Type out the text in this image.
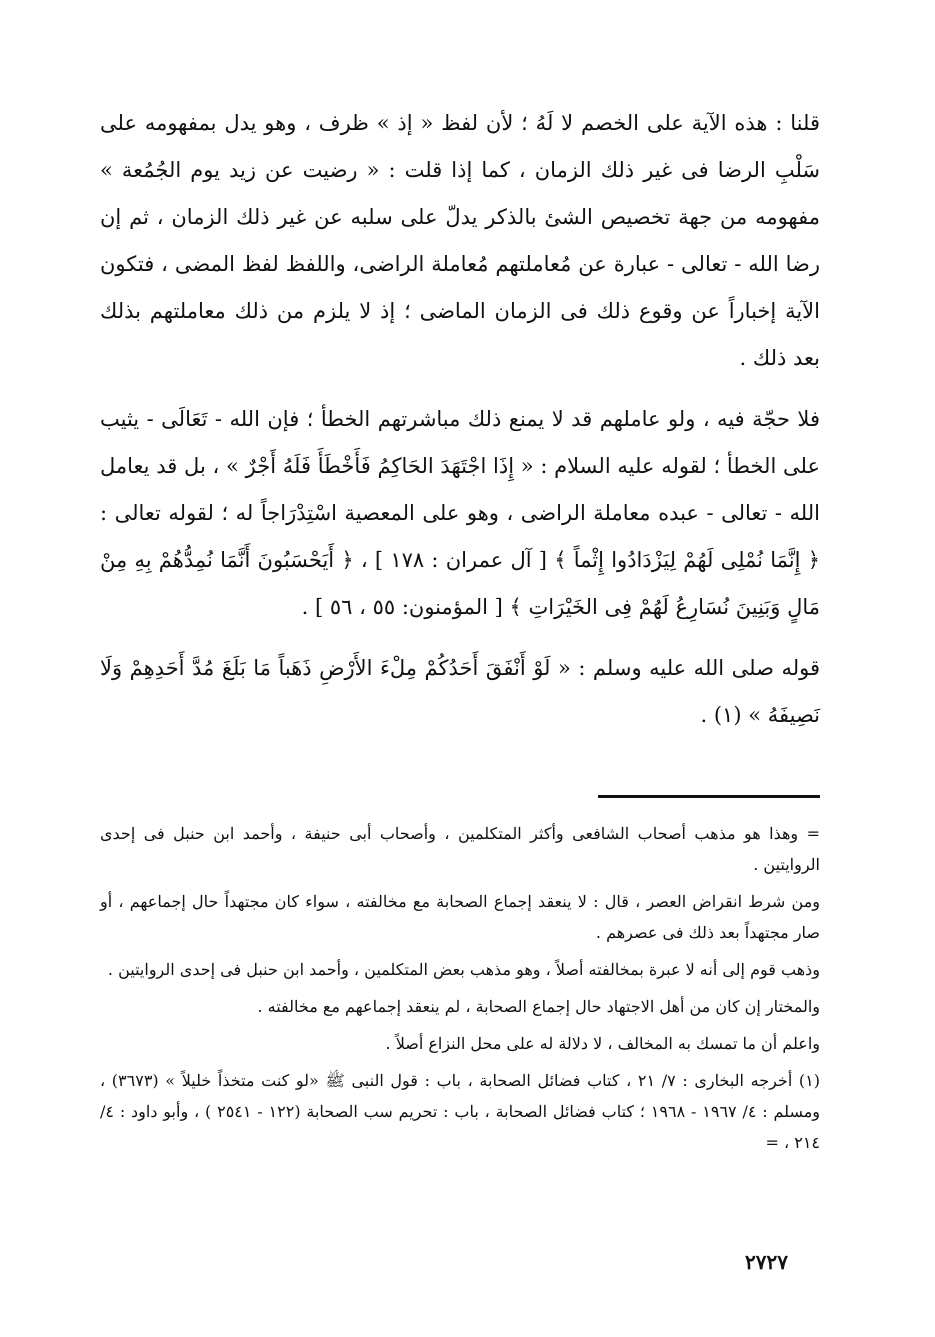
قلنا : هذه الآية على الخصم لا لَهُ ؛ لأن لفظ « إذ » ظرف ، وهو يدل بمفهومه على سَلْبِ الرضا فى غير ذلك الزمان ، كما إذا قلت : « رضيت عن زيد يوم الجُمُعة » مفهومه من جهة تخصيص الشئ بالذكر يدلّ على سلبه عن غير ذلك الزمان ، ثم إن رضا الله - تعالى - عبارة عن مُعاملتهم مُعاملة الراضى، واللفظ لفظ المضى ، فتكون الآية إخباراً عن وقوع ذلك فى الزمان الماضى ؛ إذ لا يلزم من ذلك معاملتهم بذلك بعد ذلك .

فلا حجّة فيه ، ولو عاملهم قد لا يمنع ذلك مباشرتهم الخطأ ؛ فإن الله - تَعَالَى - يثيب على الخطأ ؛ لقوله عليه السلام : « إِذَا اجْتَهَدَ الحَاكِمُ فَأَخْطَأَ فَلَهُ أَجْرٌ » ، بل قد يعامل الله - تعالى - عبده معاملة الراضى ، وهو على المعصية اسْتِدْرَاجاً له ؛ لقوله تعالى : ﴿ إِنَّمَا نُمْلِى لَهُمْ لِيَزْدَادُوا إِثْماً ﴾ [ آل عمران : ١٧٨ ] ، ﴿ أَيَحْسَبُونَ أَنَّمَا نُمِدُّهُمْ بِهِ مِنْ مَالٍ وَبَنِينَ نُسَارِعُ لَهُمْ فِى الخَيْرَاتِ ﴾ [ المؤمنون: ٥٥ ، ٥٦ ] .

قوله صلى الله عليه وسلم : « لَوْ أَنْفَقَ أَحَدُكُمْ مِلْءَ الأَرْضِ ذَهَباً مَا بَلَغَ مُدَّ أَحَدِهِمْ وَلَا نَصِيفَهُ » (١) .

= وهذا هو مذهب أصحاب الشافعى وأكثر المتكلمين ، وأصحاب أبى حنيفة ، وأحمد ابن حنبل فى إحدى الروايتين .

ومن شرط انقراض العصر ، قال : لا ينعقد إجماع الصحابة مع مخالفته ، سواء كان مجتهداً حال إجماعهم ، أو صار مجتهداً بعد ذلك فى عصرهم .

وذهب قوم إلى أنه لا عبرة بمخالفته أصلاً ، وهو مذهب بعض المتكلمين ، وأحمد ابن حنبل فى إحدى الروايتين .

والمختار إن كان من أهل الاجتهاد حال إجماع الصحابة ، لم ينعقد إجماعهم مع مخالفته .

واعلم أن ما تمسك به المخالف ، لا دلالة له على محل النزاع أصلاً .

(١) أخرجه البخارى : ٧/ ٢١ ، كتاب فضائل الصحابة ، باب : قول النبى ﷺ «لو كنت متخذاً خليلاً » (٣٦٧٣) ، ومسلم : ٤/ ١٩٦٧ - ١٩٦٨ ؛ كتاب فضائل الصحابة ، باب : تحريم سب الصحابة (١٢٢ - ٢٥٤١ ) ، وأبو داود : ٤/ ٢١٤ ، =

٢٧٢٧
